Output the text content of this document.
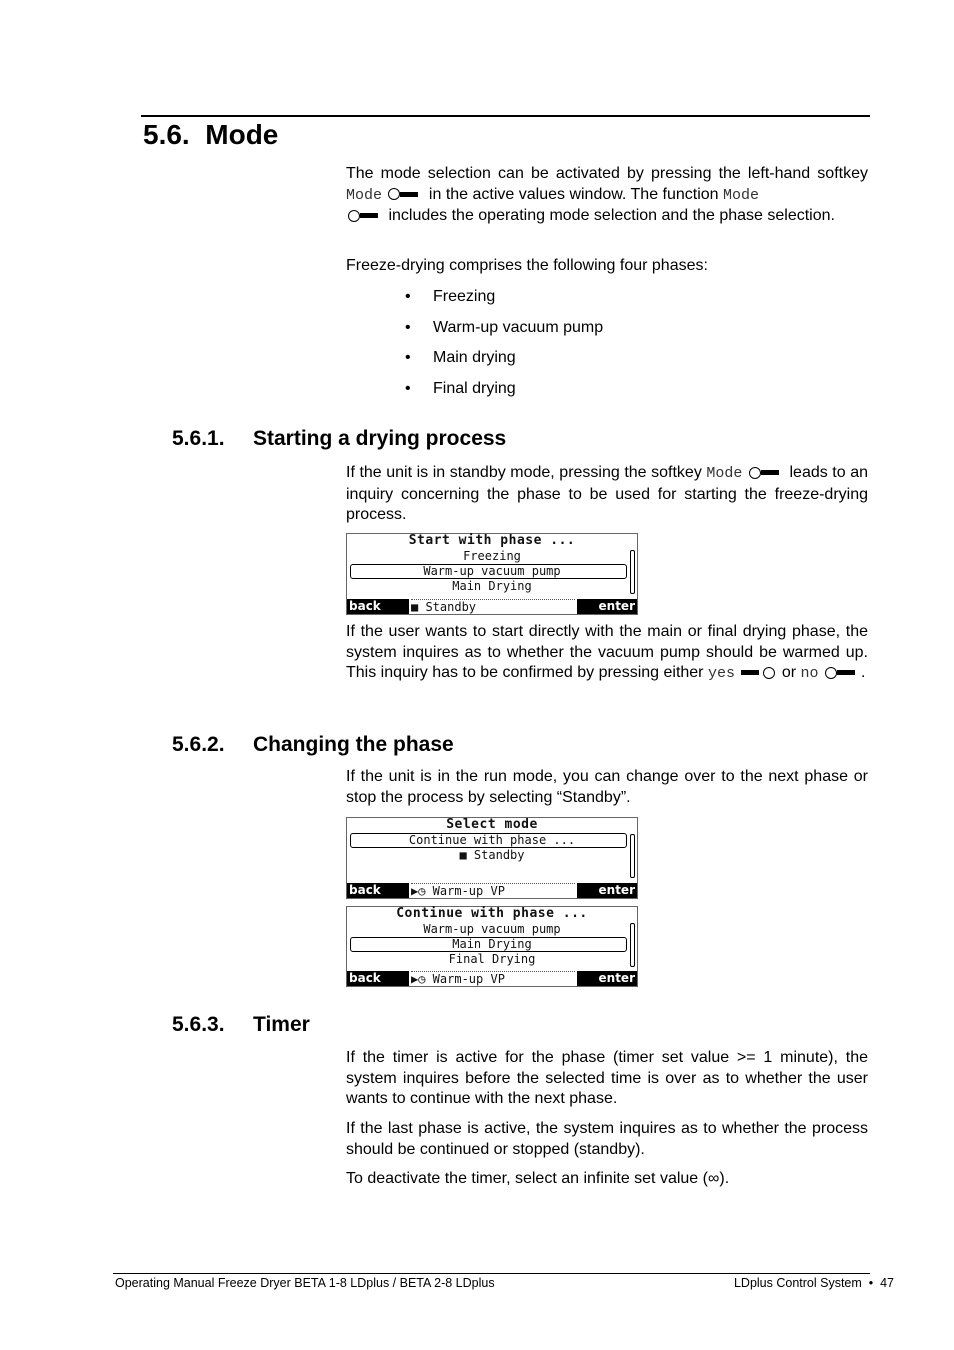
5.6. Mode
The mode selection can be activated by pressing the left-hand softkey Mode	in the active values window. The function Mode

includes the operating mode selection and the phase selection.
Freeze-drying comprises the following four phases:
• Freezing
• Warm-up vacuum pump
• Main drying
• Final drying
5.6.1. Starting a drying process
If the unit is in standby mode, pressing the softkey Mode	leads to an inquiry concerning the phase to be used for starting the freeze-drying process.
Start with phase ...
Freezing
Warm-up vacuum pump
Main Drying
back	■ Standby	enter
If the user wants to start directly with the main or final drying phase, the system inquires as to whether the vacuum pump should be warmed up. This inquiry has to be confirmed by pressing either yes	or no	.
5.6.2. Changing the phase
If the unit is in the run mode, you can change over to the next phase or stop the process by selecting “Standby”.
Select mode
Continue with phase ...
■ Standby
back	▶◷ Warm-up VP	enter
Continue with phase ...
Warm-up vacuum pump
Main Drying
Final Drying
back	▶◷ Warm-up VP	enter
5.6.3. Timer
If the timer is active for the phase (timer set value >= 1 minute), the system inquires before the selected time is over as to whether the user wants to continue with the next phase.
If the last phase is active, the system inquires as to whether the process should be continued or stopped (standby).
To deactivate the timer, select an infinite set value (∞).
Operating Manual Freeze Dryer BETA 1-8 LDplus / BETA 2-8 LDplus	LDplus Control System • 47
